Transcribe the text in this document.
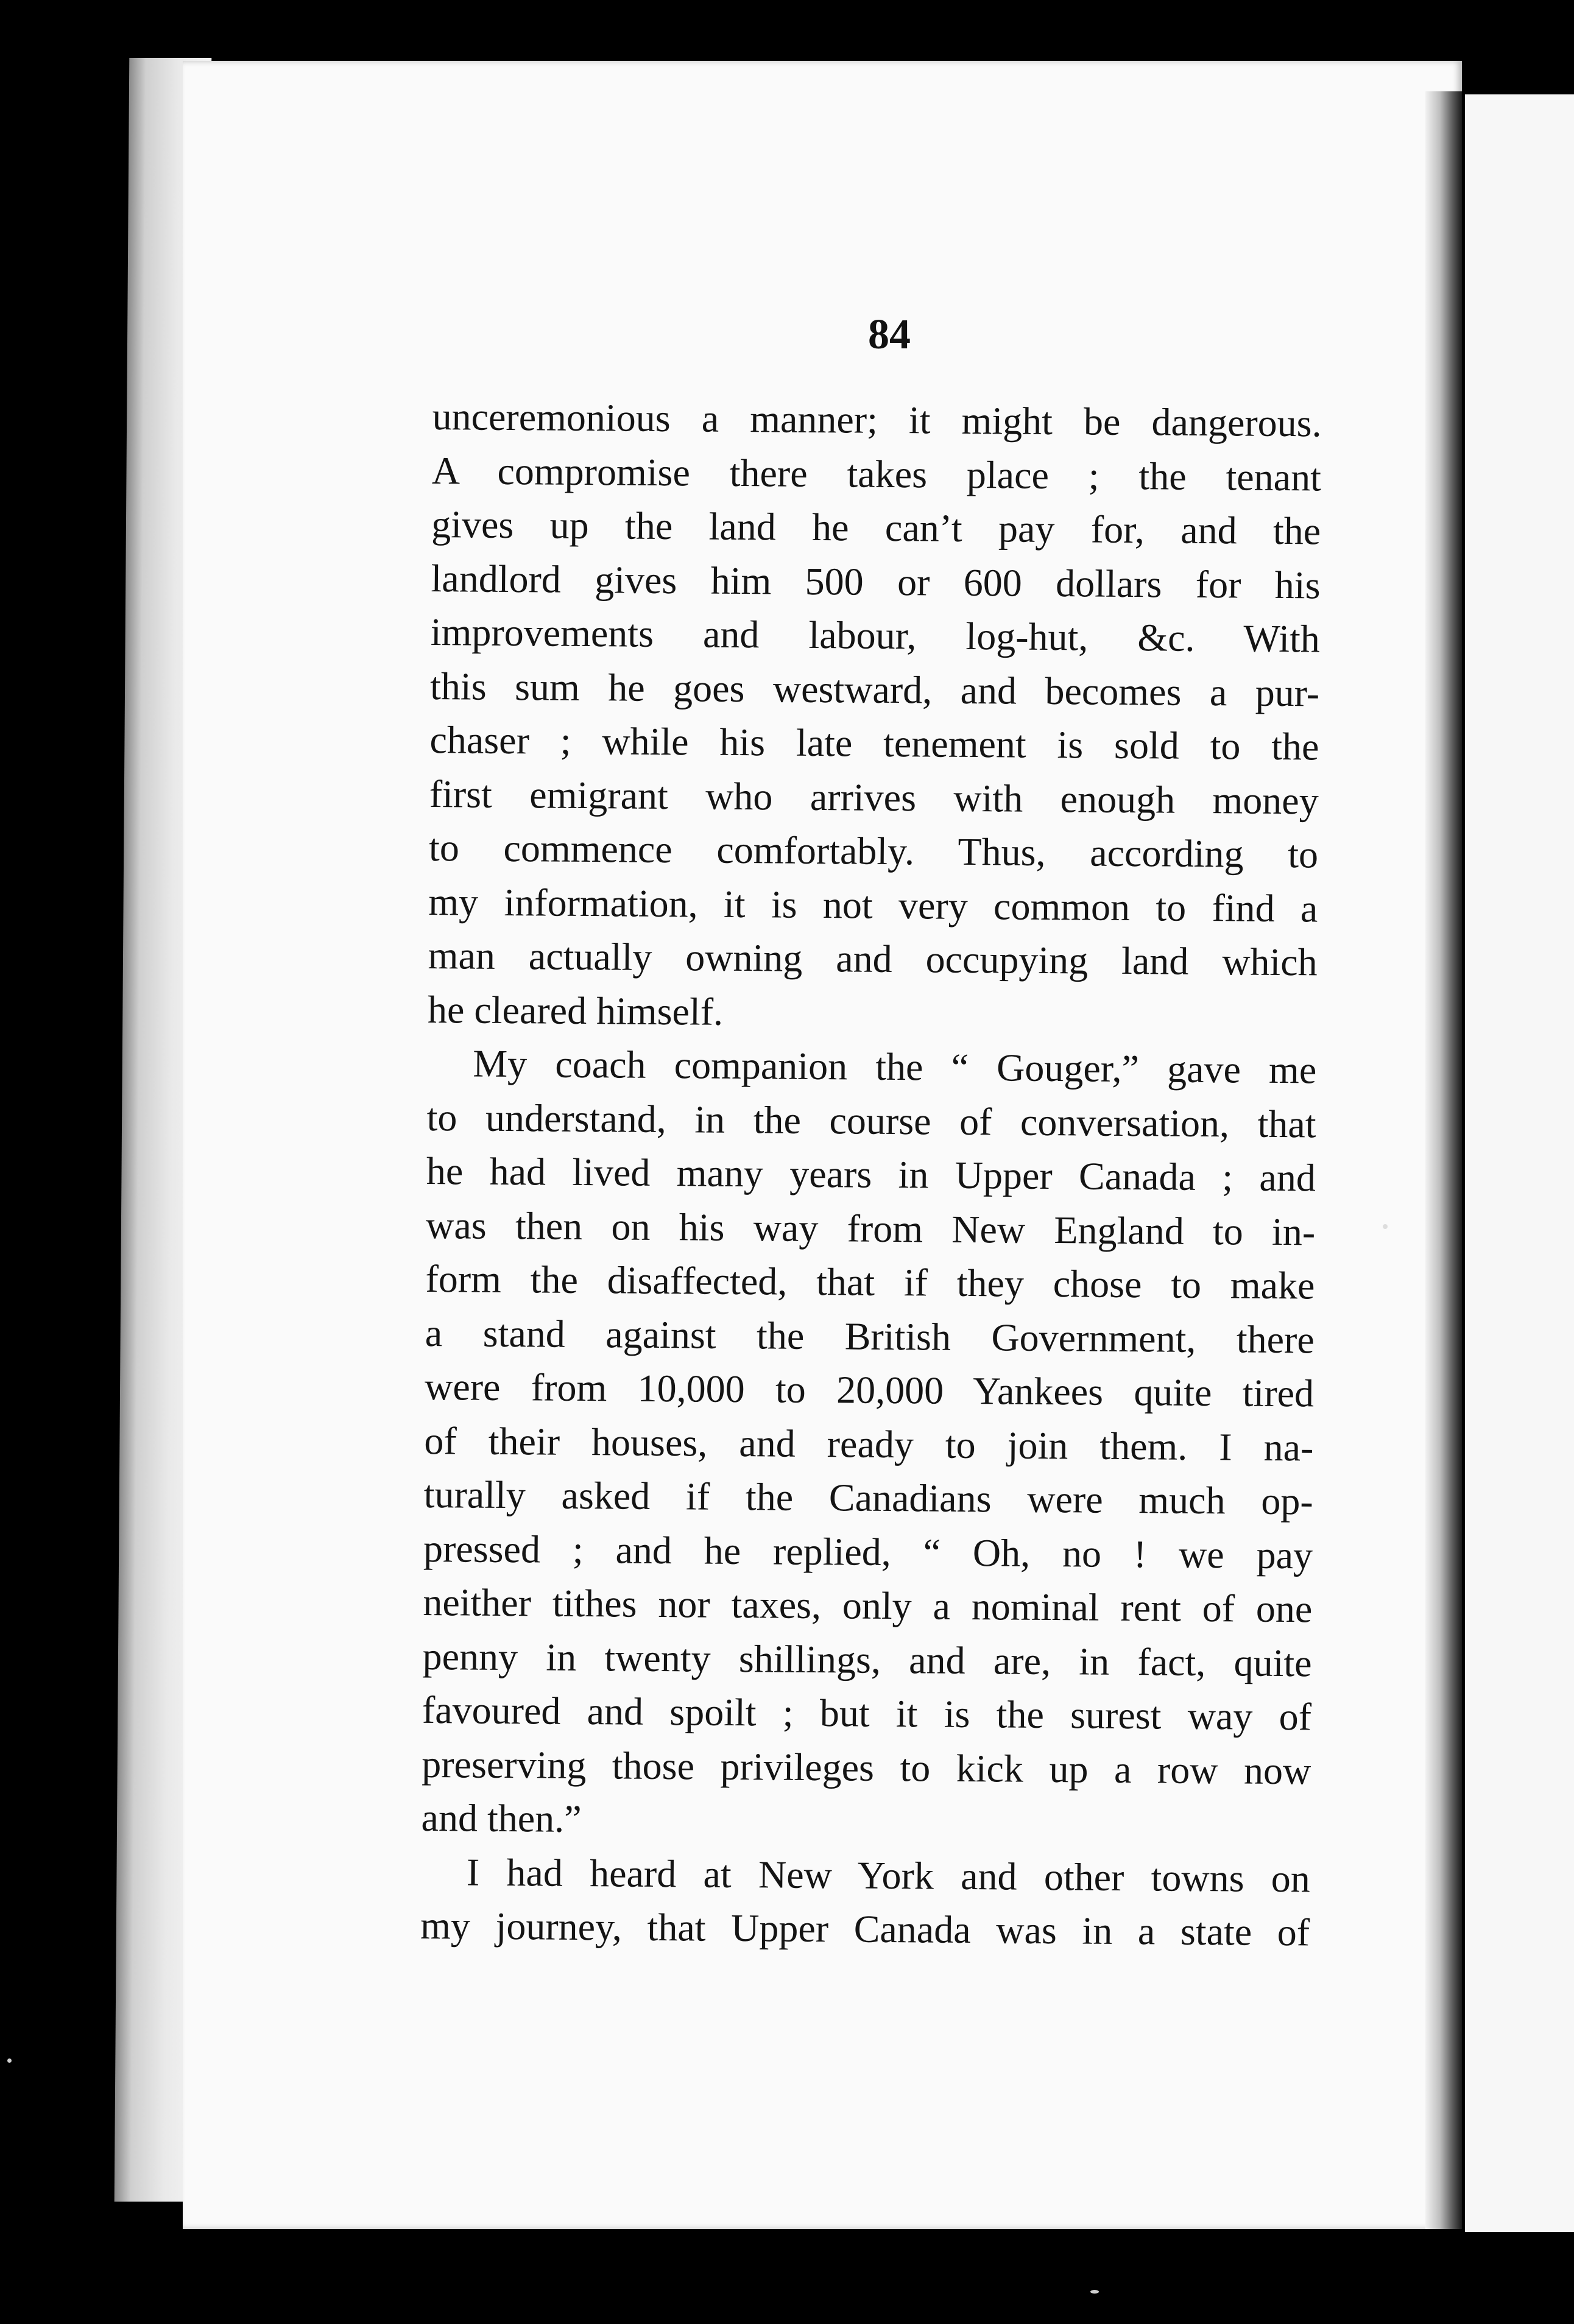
84
unceremonious a manner; it might be dangerous.
A compromise there takes place ; the tenant
gives up the land he can’t pay for, and the
landlord gives him 500 or 600 dollars for his
improvements and labour, log-hut, &c. With
this sum he goes westward, and becomes a pur-
chaser ; while his late tenement is sold to the
first emigrant who arrives with enough money
to commence comfortably. Thus, according to
my information, it is not very common to find a
man actually owning and occupying land which
he cleared himself.
My coach companion the “ Gouger,” gave me
to understand, in the course of conversation, that
he had lived many years in Upper Canada ; and
was then on his way from New England to in-
form the disaffected, that if they chose to make
a stand against the British Government, there
were from 10,000 to 20,000 Yankees quite tired
of their houses, and ready to join them. I na-
turally asked if the Canadians were much op-
pressed ; and he replied, “ Oh, no ! we pay
neither tithes nor taxes, only a nominal rent of one
penny in twenty shillings, and are, in fact, quite
favoured and spoilt ; but it is the surest way of
preserving those privileges to kick up a row now
and then.”
I had heard at New York and other towns on
my journey, that Upper Canada was in a state of
